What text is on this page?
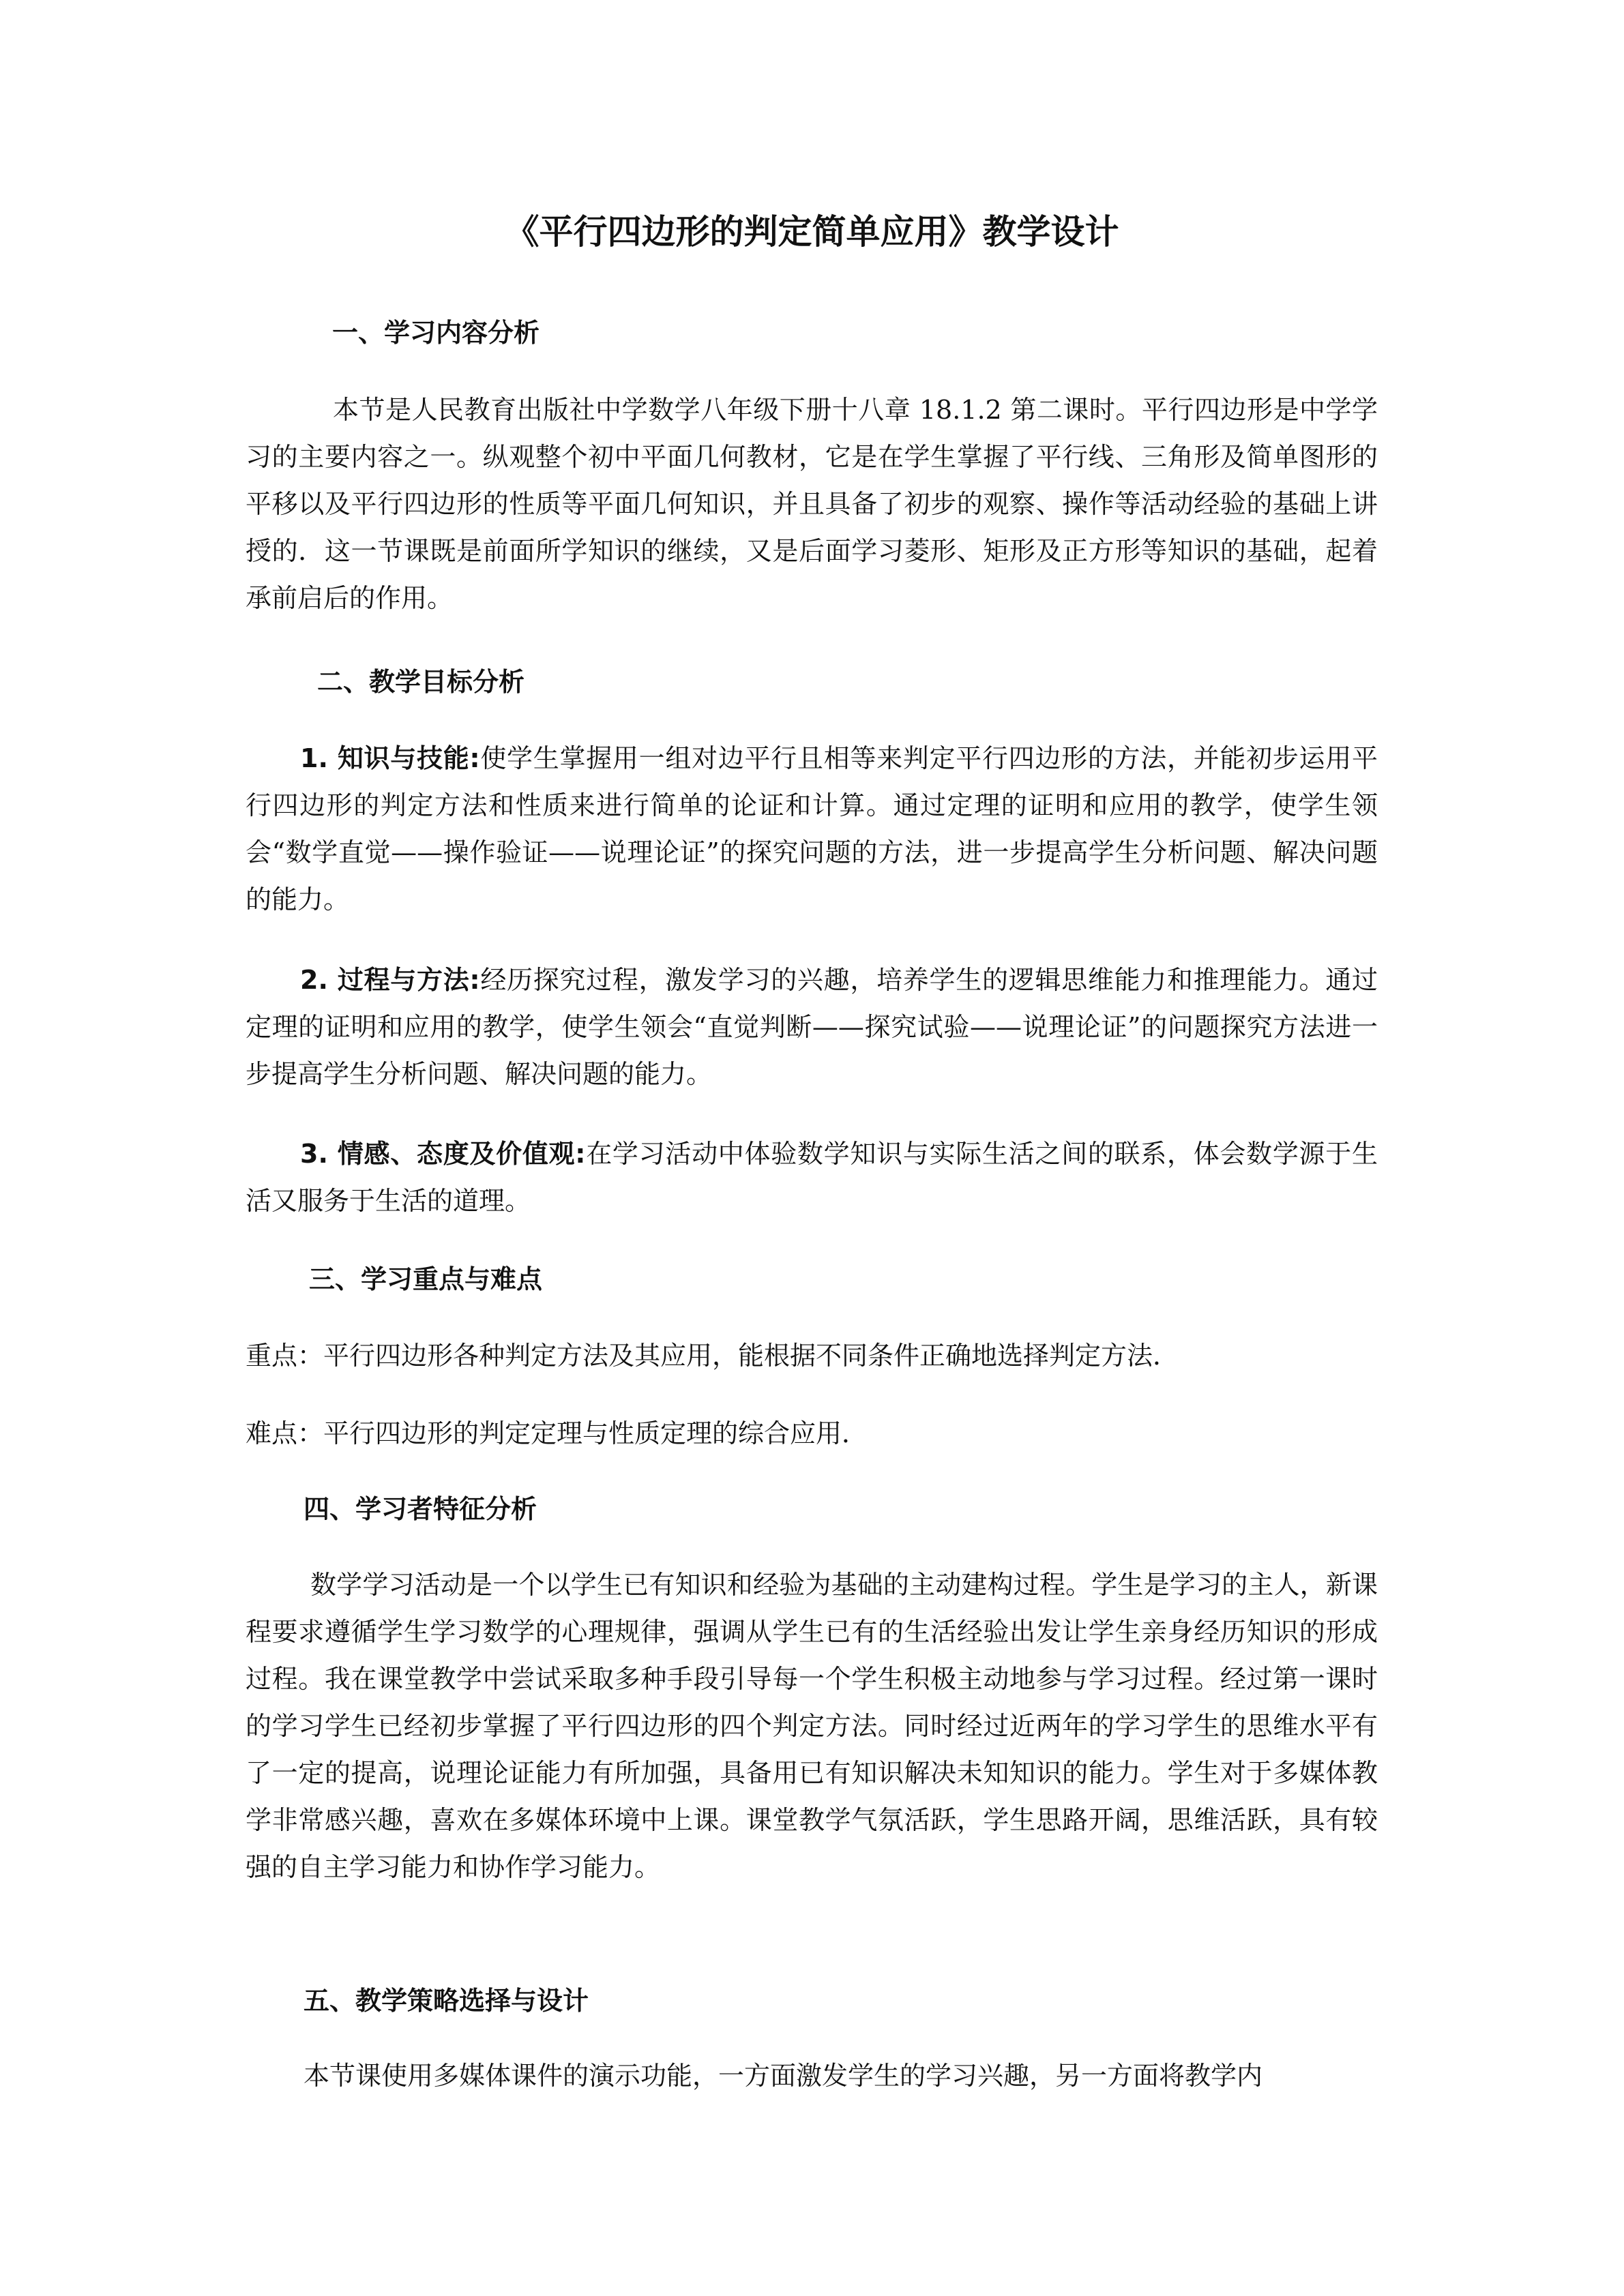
《平行四边形的判定简单应用》教学设计
一、学习内容分析
本节是人民教育出版社中学数学八年级下册十八章 18.1.2 第二课时。平行四边形是中学学习的主要内容之一。纵观整个初中平面几何教材，它是在学生掌握了平行线、三角形及简单图形的平移以及平行四边形的性质等平面几何知识，并且具备了初步的观察、操作等活动经验的基础上讲授的．这一节课既是前面所学知识的继续，又是后面学习菱形、矩形及正方形等知识的基础，起着承前启后的作用。
二、教学目标分析
1. 知识与技能:使学生掌握用一组对边平行且相等来判定平行四边形的方法，并能初步运用平行四边形的判定方法和性质来进行简单的论证和计算。通过定理的证明和应用的教学，使学生领会“数学直觉——操作验证——说理论证”的探究问题的方法，进一步提高学生分析问题、解决问题的能力。
2. 过程与方法:经历探究过程，激发学习的兴趣，培养学生的逻辑思维能力和推理能力。通过定理的证明和应用的教学，使学生领会“直觉判断——探究试验——说理论证”的问题探究方法进一步提高学生分析问题、解决问题的能力。
3. 情感、态度及价值观:在学习活动中体验数学知识与实际生活之间的联系，体会数学源于生活又服务于生活的道理。
三、学习重点与难点
重点：平行四边形各种判定方法及其应用，能根据不同条件正确地选择判定方法．
难点：平行四边形的判定定理与性质定理的综合应用．
四、学习者特征分析
数学学习活动是一个以学生已有知识和经验为基础的主动建构过程。学生是学习的主人，新课程要求遵循学生学习数学的心理规律，强调从学生已有的生活经验出发让学生亲身经历知识的形成过程。我在课堂教学中尝试采取多种手段引导每一个学生积极主动地参与学习过程。经过第一课时的学习学生已经初步掌握了平行四边形的四个判定方法。同时经过近两年的学习学生的思维水平有了一定的提高，说理论证能力有所加强，具备用已有知识解决未知知识的能力。学生对于多媒体教学非常感兴趣，喜欢在多媒体环境中上课。课堂教学气氛活跃，学生思路开阔，思维活跃，具有较强的自主学习能力和协作学习能力。
五、教学策略选择与设计
本节课使用多媒体课件的演示功能，一方面激发学生的学习兴趣，另一方面将教学内
